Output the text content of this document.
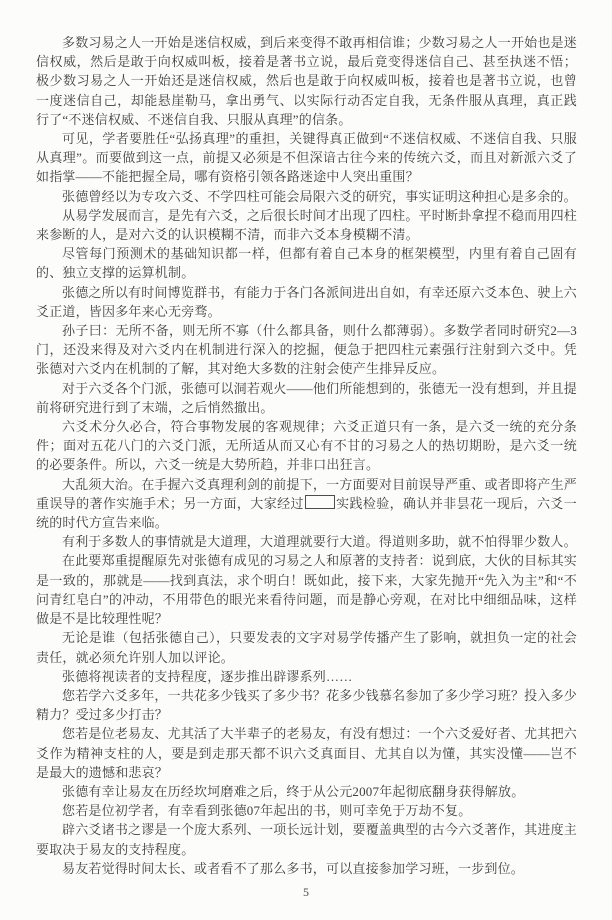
多数习易之人一开始是迷信权威，到后来变得不敢再相信谁；少数习易之人一开始也是迷信权威，然后是敢于向权威叫板，接着是著书立说，最后竟变得迷信自己、甚至执迷不悟；极少数习易之人一开始还是迷信权威，然后也是敢于向权威叫板，接着也是著书立说，也曾一度迷信自己，却能悬崖勒马，拿出勇气、以实际行动否定自我，无条件服从真理，真正践行了“不迷信权威、不迷信自我、只服从真理”的信条。

可见，学者要胜任“弘扬真理”的重担，关键得真正做到“不迷信权威、不迷信自我、只服从真理”。而要做到这一点，前提又必须是不但深谙古往今来的传统六爻，而且对新派六爻了如指掌——不能把握全局，哪有资格引领各路迷途中人突出重围？

张德曾经以为专攻六爻、不学四柱可能会局限六爻的研究，事实证明这种担心是多余的。

从易学发展而言，是先有六爻，之后很长时间才出现了四柱。平时断卦拿捏不稳而用四柱来参断的人，是对六爻的认识模糊不清，而非六爻本身模糊不清。

尽管每门预测术的基础知识都一样，但都有着自己本身的框架模型，内里有着自己固有的、独立支撑的运算机制。

张德之所以有时间博览群书，有能力于各门各派间进出自如，有幸还原六爻本色、驶上六爻正道，皆因多年来心无旁骛。

孙子曰：无所不备，则无所不寡（什么都具备，则什么都薄弱）。多数学者同时研究2—3门，还没来得及对六爻内在机制进行深入的挖掘，便急于把四柱元素强行注射到六爻中。凭张德对六爻内在机制的了解，其对绝大多数的注射会使产生排异反应。

对于六爻各个门派，张德可以洞若观火——他们所能想到的，张德无一没有想到，并且提前将研究进行到了末端，之后悄然撤出。

六爻术分久必合，符合事物发展的客观规律；六爻正道只有一条，是六爻一统的充分条件；面对五花八门的六爻门派，无所适从而又心有不甘的习易之人的热切期盼，是六爻一统的必要条件。所以，六爻一统是大势所趋，并非口出狂言。

大乱须大治。在手握六爻真理利剑的前提下，一方面要对目前误导严重、或者即将产生严重误导的著作实施手术；另一方面，大家经过 实践检验，确认并非昙花一现后，六爻一统的时代方宣告来临。

有利于多数人的事情就是大道理，大道理就要行大道。得道则多助，就不怕得罪少数人。

在此要郑重提醒原先对张德有成见的习易之人和原著的支持者：说到底，大伙的目标其实是一致的，那就是——找到真法，求个明白！既如此，接下来，大家先抛开“先入为主”和“不问青红皂白”的冲动，不用带色的眼光来看待问题，而是静心旁观，在对比中细细品味，这样做是不是比较理性呢？

无论是谁（包括张德自己），只要发表的文字对易学传播产生了影响，就担负一定的社会责任，就必须允许别人加以评论。

张德将视读者的支持程度，逐步推出辟谬系列……

您若学六爻多年，一共花多少钱买了多少书？花多少钱慕名参加了多少学习班？投入多少精力？受过多少打击？

您若是位老易友、尤其活了大半辈子的老易友，有没有想过：一个六爻爱好者、尤其把六爻作为精神支柱的人，要是到走那天都不识六爻真面目、尤其自以为懂，其实没懂——岂不是最大的遗憾和悲哀？

张德有幸让易友在历经坎坷磨难之后，终于从公元2007年起彻底翻身获得解放。

您若是位初学者，有幸看到张德07年起出的书，则可幸免于万劫不复。

辟六爻诸书之谬是一个庞大系列、一项长远计划，要覆盖典型的古今六爻著作，其进度主要取决于易友的支持程度。

易友若觉得时间太长、或者看不了那么多书，可以直接参加学习班，一步到位。

5
